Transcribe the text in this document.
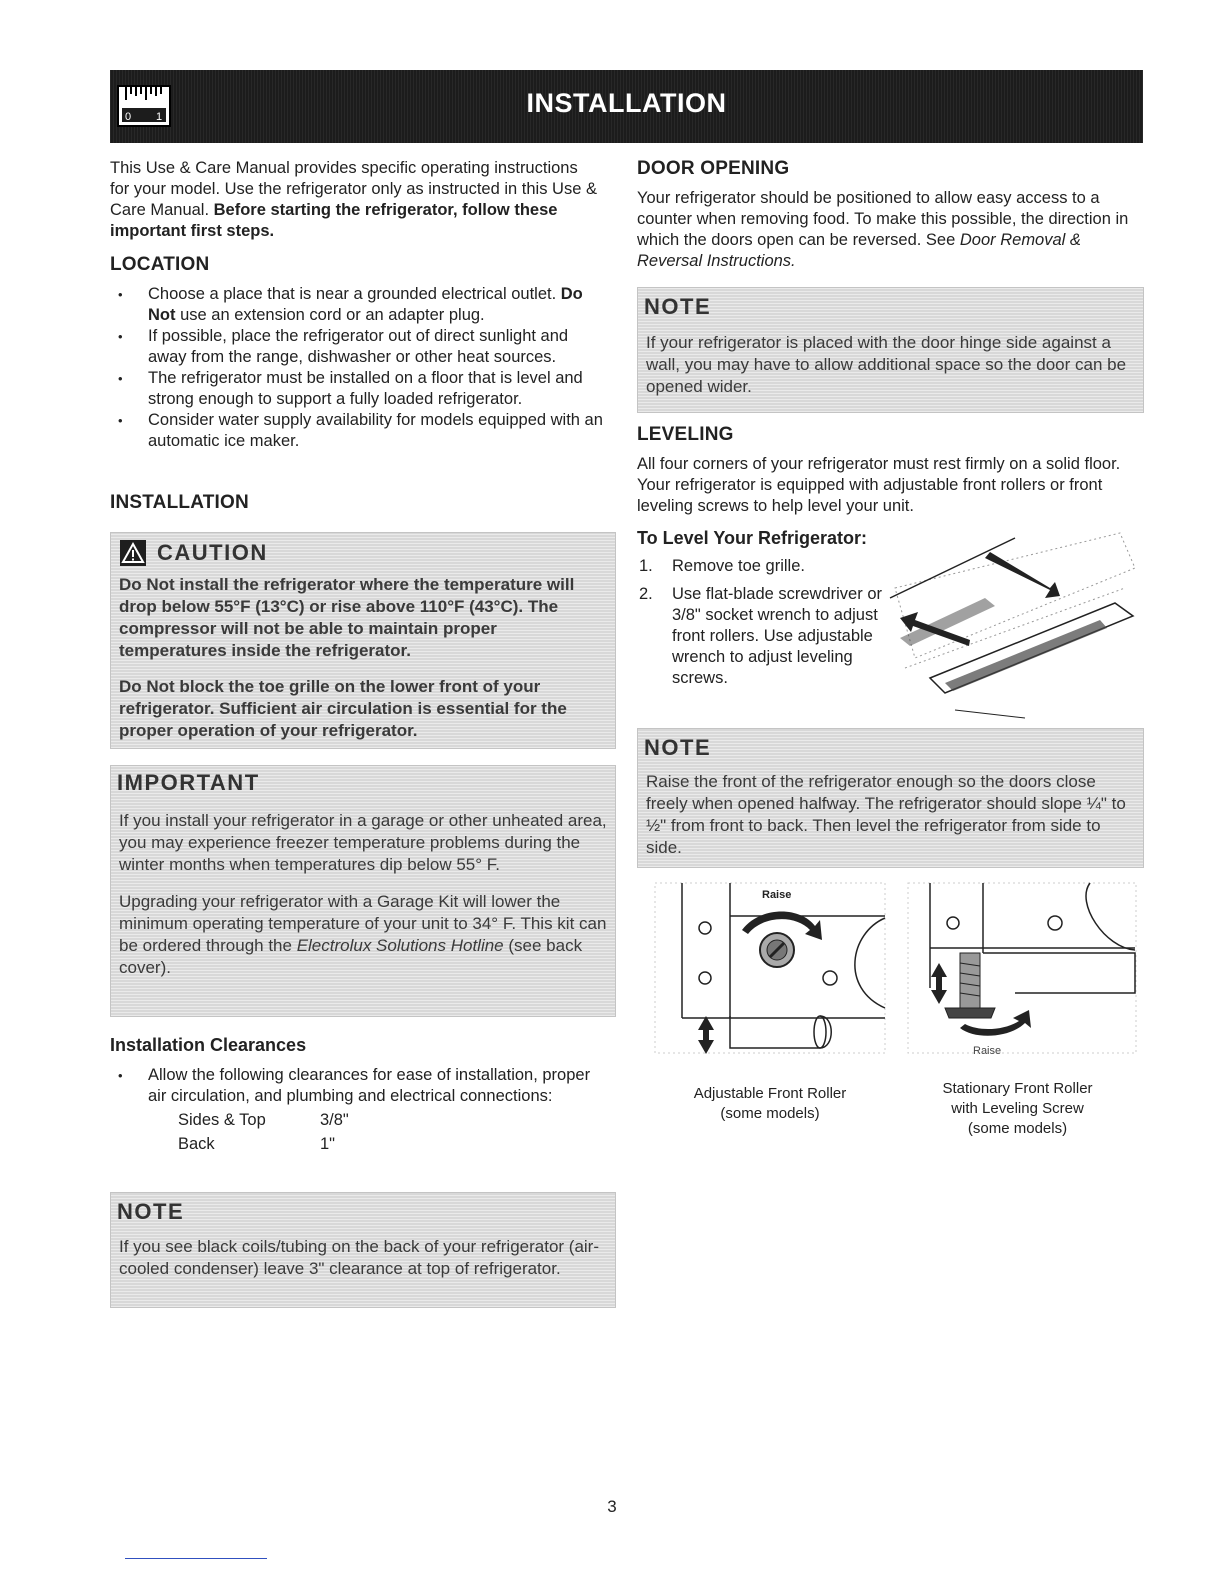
INSTALLATION
0 1

This Use & Care Manual provides specific operating instructions for your model. Use the refrigerator only as instructed in this Use & Care Manual. Before starting the refrigerator, follow these important first steps.

LOCATION
• Choose a place that is near a grounded electrical outlet. Do Not use an extension cord or an adapter plug.
• If possible, place the refrigerator out of direct sunlight and away from the range, dishwasher or other heat sources.
• The refrigerator must be installed on a floor that is level and strong enough to support a fully loaded refrigerator.
• Consider water supply availability for models equipped with an automatic ice maker.
INSTALLATION
CAUTION

Do Not install the refrigerator where the temperature will drop below 55°F (13°C) or rise above 110°F (43°C). The compressor will not be able to maintain proper temperatures inside the refrigerator.

Do Not block the toe grille on the lower front of your refrigerator. Sufficient air circulation is essential for the proper operation of your refrigerator.

IMPORTANT

If you install your refrigerator in a garage or other unheated area, you may experience freezer temperature problems during the winter months when temperatures dip below 55° F.

Upgrading your refrigerator with a Garage Kit will lower the minimum operating temperature of your unit to 34° F. This kit can be ordered through the Electrolux Solutions Hotline (see back cover).

Installation Clearances
• Allow the following clearances for ease of installation, proper air circulation, and plumbing and electrical connections:
Sides & Top	3/8"
Back	1"
NOTE
If you see black coils/tubing on the back of your refrigerator (air-cooled condenser) leave 3" clearance at top of refrigerator.
DOOR OPENING

Your refrigerator should be positioned to allow easy access to a counter when removing food. To make this possible, the direction in which the doors open can be reversed. See Door Removal & Reversal Instructions.

NOTE
If your refrigerator is placed with the door hinge side against a wall, you may have to allow additional space so the door can be opened wider.
LEVELING

All four corners of your refrigerator must rest firmly on a solid floor. Your refrigerator is equipped with adjustable front rollers or front leveling screws to help level your unit.

To Level Your Refrigerator:
1. Remove toe grille.
2. Use flat-blade screwdriver or 3/8" socket wrench to adjust front rollers. Use adjustable wrench to adjust leveling screws.
NOTE
Raise the front of the refrigerator enough so the doors close freely when opened halfway. The refrigerator should slope ¼" to ½" from front to back. Then level the refrigerator from side to side.
Raise
Raise
Adjustable Front Roller
(some models)
Stationary Front Roller
with Leveling Screw
(some models)
3
